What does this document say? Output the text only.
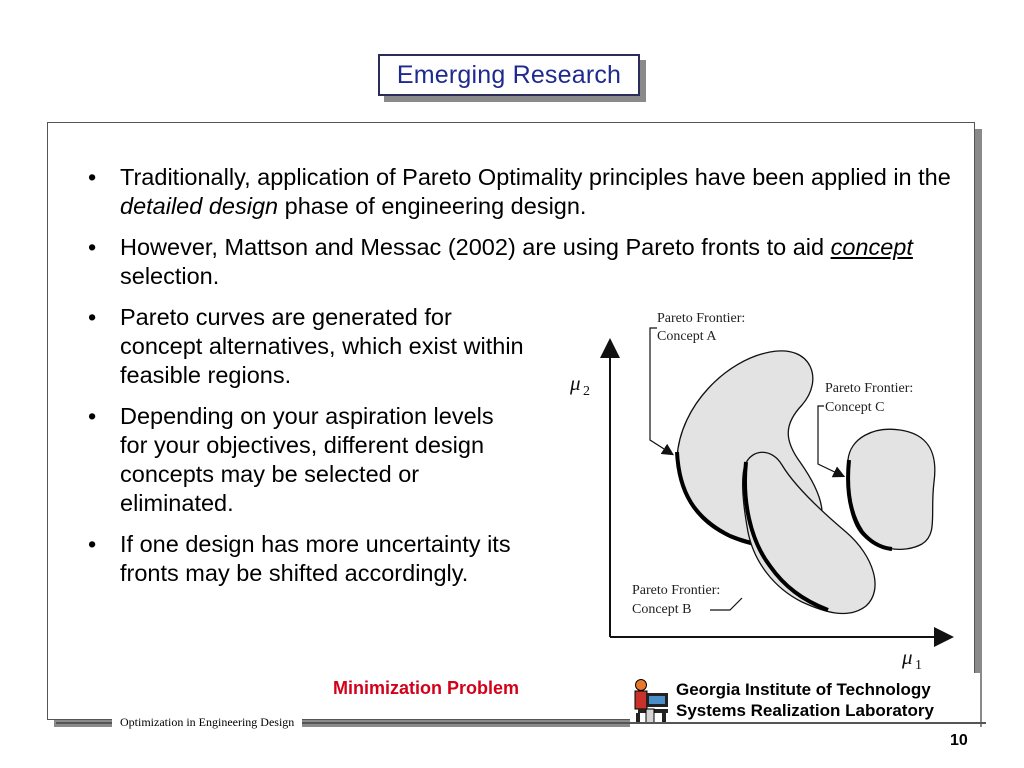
Emerging Research
• Traditionally, application of Pareto Optimality principles have been applied in the detailed design phase of engineering design.
• However, Mattson and Messac (2002) are using Pareto fronts to aid concept selection.
• Pareto curves are generated for concept alternatives, which exist within feasible regions.
• Depending on your aspiration levels for your objectives, different design concepts may be selected or eliminated.
• If one design has more uncertainty its fronts may be shifted accordingly.
μ 2
μ 1
Pareto Frontier:
Concept A
Pareto Frontier:
Concept C
Pareto Frontier:
Concept B
Minimization Problem	Georgia Institute of Technology
Systems Realization Laboratory
Optimization in Engineering Design
10
